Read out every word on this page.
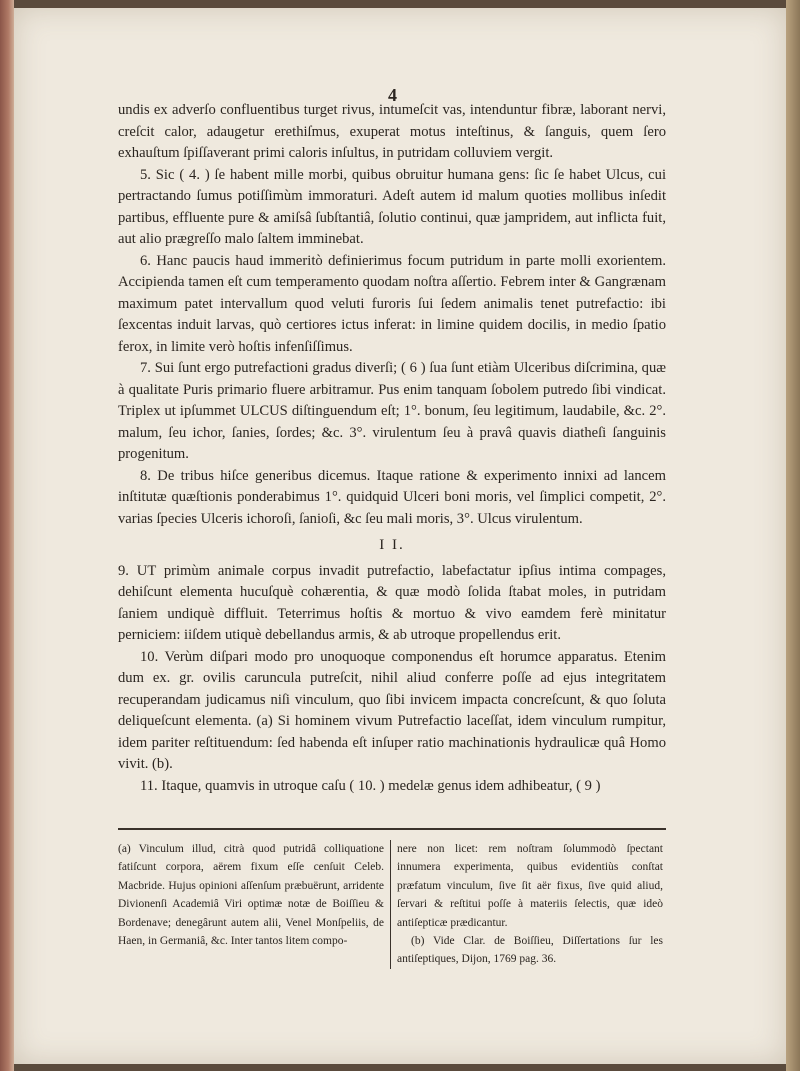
4

undis ex adverſo confluentibus turget rivus, intumeſcit vas, intenduntur fibræ, laborant nervi, creſcit calor, adaugetur erethiſmus, exuperat motus inteſtinus, & ſanguis, quem ſero exhauſtum ſpiſſaverant primi caloris inſultus, in putridam colluviem vergit.

5. Sic ( 4. ) ſe habent mille morbi, quibus obruitur humana gens: ſic ſe habet Ulcus, cui pertractando ſumus potiſſimùm immoraturi. Adeſt autem id malum quoties mollibus inſedit partibus, effluente pure & amiſsâ ſubſtantiâ, ſolutio continui, quæ jampridem, aut inflicta fuit, aut alio prægreſſo malo ſaltem imminebat.

6. Hanc paucis haud immeritò definierimus focum putridum in parte molli exorientem. Accipienda tamen eſt cum temperamento quodam noſtra aſſertio. Febrem inter & Gangrænam maximum patet intervallum quod veluti furoris ſui ſedem animalis tenet putrefactio: ibi ſexcentas induit larvas, quò certiores ictus inferat: in limine quidem docilis, in medio ſpatio ferox, in limite verò hoſtis infenſiſſimus.

7. Sui ſunt ergo putrefactioni gradus diverſi; ( 6 ) ſua ſunt etiàm Ulceribus diſcrimina, quæ à qualitate Puris primario fluere arbitramur. Pus enim tanquam ſobolem putredo ſibi vindicat. Triplex ut ipſummet ULCUS diſtinguendum eſt; 1°. bonum, ſeu legitimum, laudabile, &c. 2°. malum, ſeu ichor, ſanies, ſordes; &c. 3°. virulentum ſeu à pravâ quavis diatheſi ſanguinis progenitum.

8. De tribus hiſce generibus dicemus. Itaque ratione & experimento innixi ad lancem inſtitutæ quæſtionis ponderabimus 1°. quidquid Ulceri boni moris, vel ſimplici competit, 2°. varias ſpecies Ulceris ichoroſi, ſanioſi, &c ſeu mali moris, 3°. Ulcus virulentum.

I I.

9. UT primùm animale corpus invadit putrefactio, labefactatur ipſius intima compages, dehiſcunt elementa hucuſquè cohærentia, & quæ modò ſolida ſtabat moles, in putridam ſaniem undiquè diffluit. Teterrimus hoſtis & mortuo & vivo eamdem ferè minitatur perniciem: iiſdem utiquè debellandus armis, & ab utroque propellendus erit.

10. Verùm diſpari modo pro unoquoque componendus eſt horumce apparatus. Etenim dum ex. gr. ovilis caruncula putreſcit, nihil aliud conferre poſſe ad ejus integritatem recuperandam judicamus niſi vinculum, quo ſibi invicem impacta concreſcunt, & quo ſoluta deliqueſcunt elementa. (a) Si hominem vivum Putrefactio laceſſat, idem vinculum rumpitur, idem pariter reſtituendum: ſed habenda eſt inſuper ratio machinationis hydraulicæ quâ Homo vivit. (b).

11. Itaque, quamvis in utroque caſu ( 10. ) medelæ genus idem adhibeatur, ( 9 )

(a) Vinculum illud, citrà quod putridâ colliquatione fatiſcunt corpora, aërem fixum eſſe cenſuit Celeb. Macbride. Hujus opinioni aſſenſum præbuërunt, arridente Divionenſi Academiâ Viri optimæ notæ de Boiſſieu & Bordenave; denegârunt autem alii, Venel Monſpeliis, de Haen, in Germaniâ, &c. Inter tantos litem compo-

nere non licet: rem noſtram ſolummodò ſpectant innumera experimenta, quibus evidentiùs conſtat præfatum vinculum, ſive ſit aër fixus, ſive quid aliud, ſervari & reſtitui poſſe à materiis ſelectis, quæ ideò antiſepticæ prædicantur.

(b) Vide Clar. de Boiſſieu, Diſſertations ſur les antiſeptiques, Dijon, 1769 pag. 36.
